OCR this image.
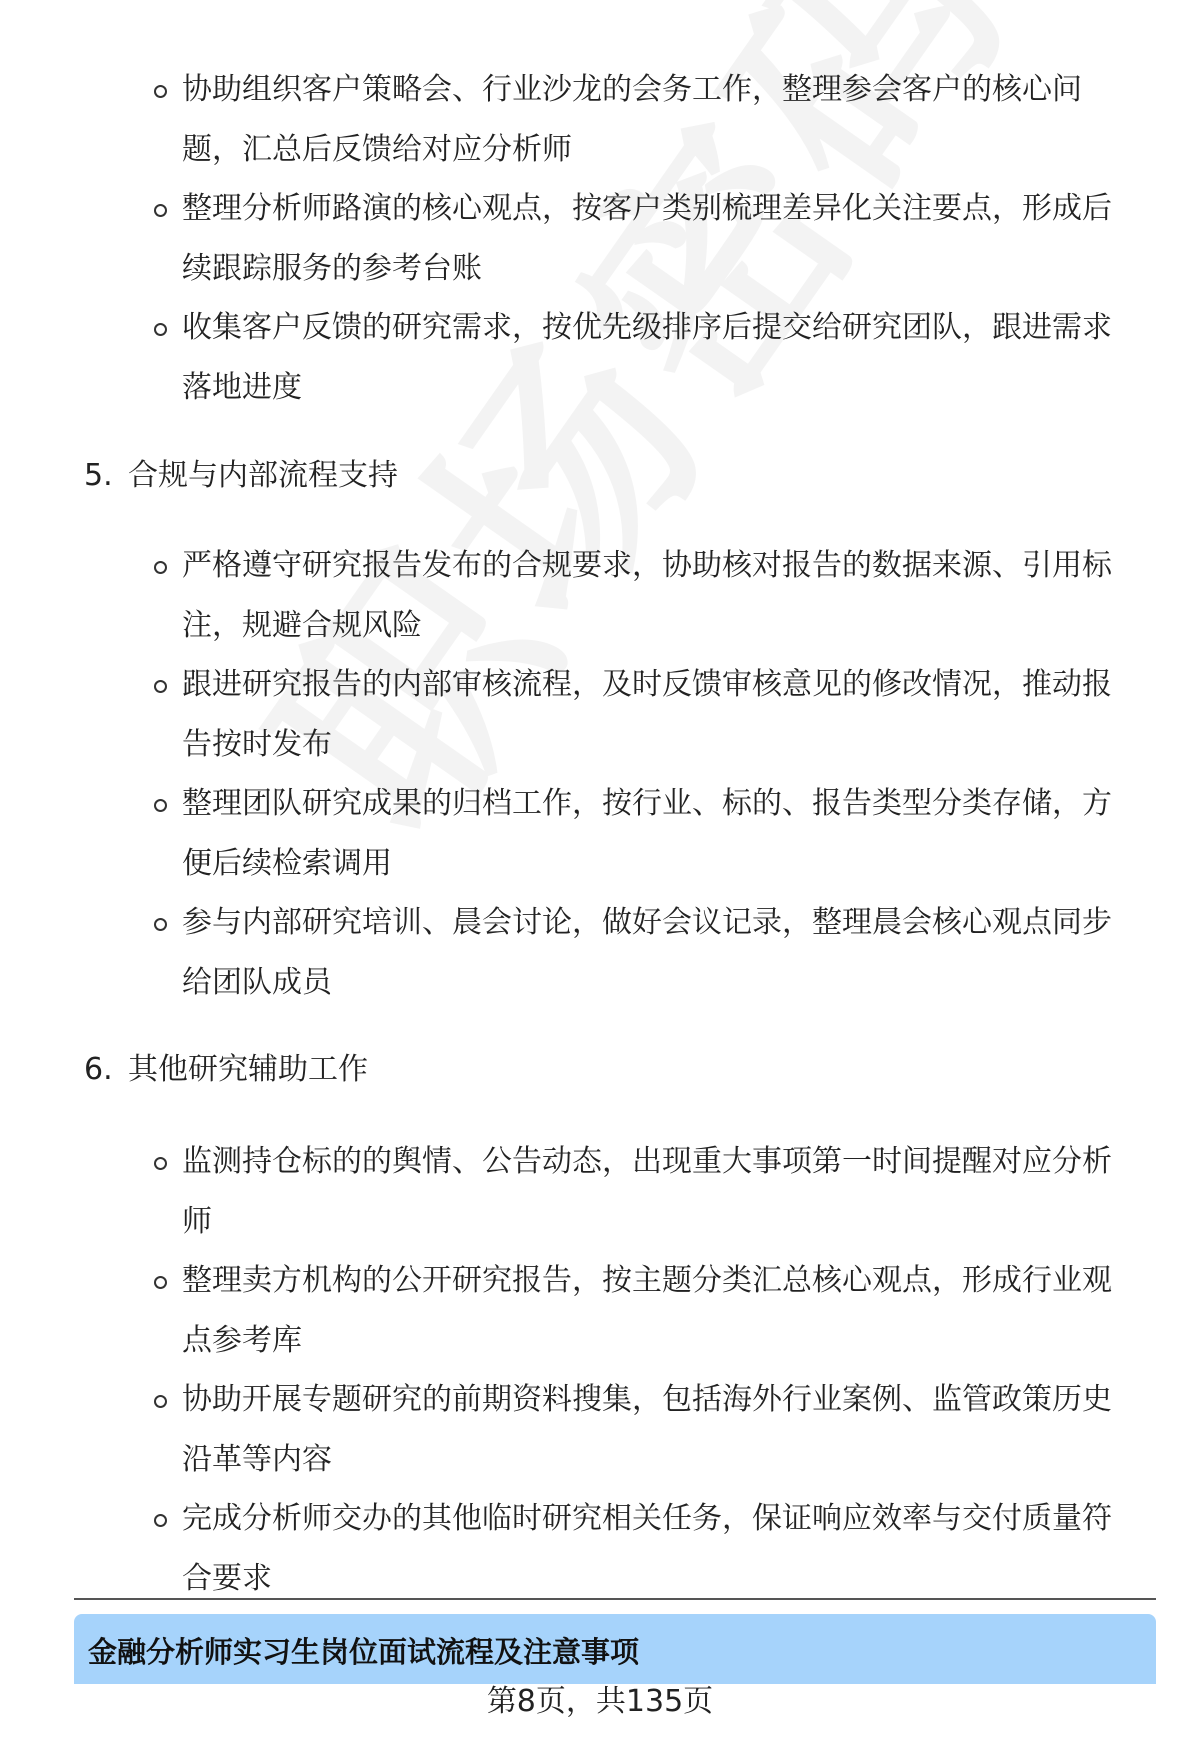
协助组织客户策略会、行业沙龙的会务工作，整理参会客户的核心问题，汇总后反馈给对应分析师
整理分析师路演的核心观点，按客户类别梳理差异化关注要点，形成后续跟踪服务的参考台账
收集客户反馈的研究需求，按优先级排序后提交给研究团队，跟进需求落地进度
5. 合规与内部流程支持
严格遵守研究报告发布的合规要求，协助核对报告的数据来源、引用标注，规避合规风险
跟进研究报告的内部审核流程，及时反馈审核意见的修改情况，推动报告按时发布
整理团队研究成果的归档工作，按行业、标的、报告类型分类存储，方便后续检索调用
参与内部研究培训、晨会讨论，做好会议记录，整理晨会核心观点同步给团队成员
6. 其他研究辅助工作
监测持仓标的的舆情、公告动态，出现重大事项第一时间提醒对应分析师
整理卖方机构的公开研究报告，按主题分类汇总核心观点，形成行业观点参考库
协助开展专题研究的前期资料搜集，包括海外行业案例、监管政策历史沿革等内容
完成分析师交办的其他临时研究相关任务，保证响应效率与交付质量符合要求
金融分析师实习生岗位面试流程及注意事项
第8页，共135页
